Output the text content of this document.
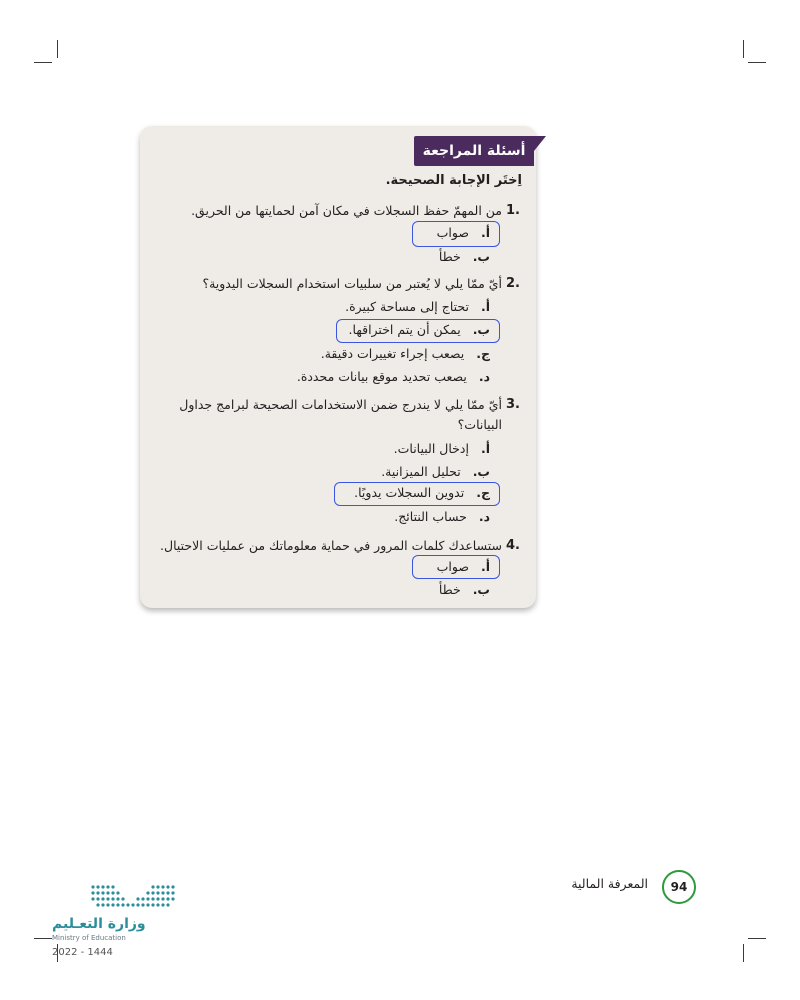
أسئلة المراجعة
اِختَر الإجابة الصحيحة.
1.
من المهمّ حفظ السجلات في مكان آمن لحمايتها من الحريق.
أ.صواب
ب.خطأ
2.
أيّ ممّا يلي لا يُعتبر من سلبيات استخدام السجلات اليدوية؟
أ.تحتاج إلى مساحة كبيرة.
ب.يمكن أن يتم اختراقها.
ج.يصعب إجراء تغييرات دقيقة.
د.يصعب تحديد موقع بيانات محددة.
3.
أيّ ممّا يلي لا يندرج ضمن الاستخدامات الصحيحة لبرامج جداول
البيانات؟
أ.إدخال البيانات.
ب.تحليل الميزانية.
ج.تدوين السجلات يدويًا.
د.حساب النتائج.
4.
ستساعدك كلمات المرور في حماية معلوماتك من عمليات الاحتيال.
أ.صواب
ب.خطأ
94
المعرفة المالية
وزارة التعـليم
Ministry of Education
2022 - 1444
